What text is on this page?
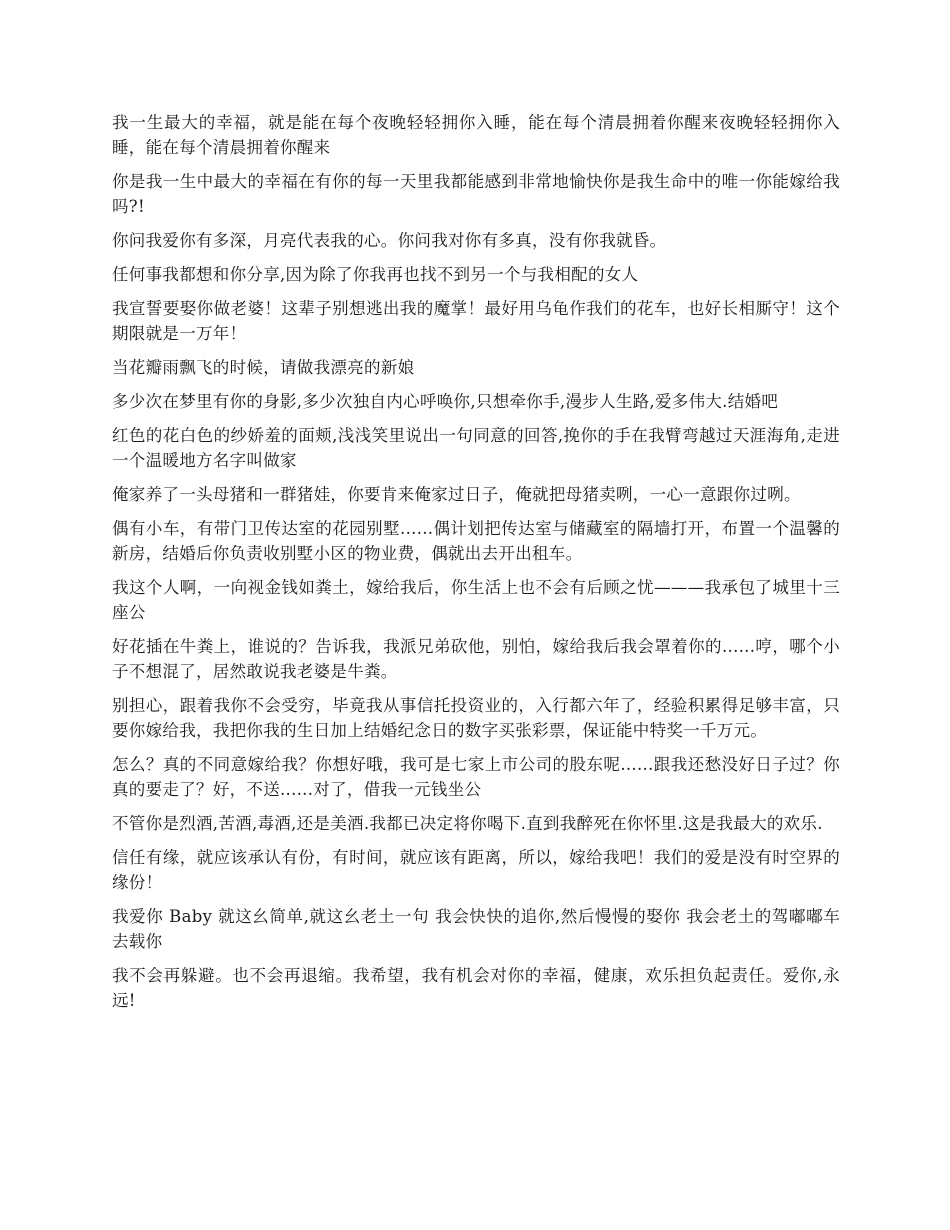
我一生最大的幸福，就是能在每个夜晚轻轻拥你入睡，能在每个清晨拥着你醒来夜晚轻轻拥你入睡，能在每个清晨拥着你醒来

你是我一生中最大的幸福在有你的每一天里我都能感到非常地愉快你是我生命中的唯一你能嫁给我吗?!

你问我爱你有多深，月亮代表我的心。你问我对你有多真，没有你我就昏。

任何事我都想和你分享,因为除了你我再也找不到另一个与我相配的女人

我宣誓要娶你做老婆！这辈子别想逃出我的魔掌！最好用乌龟作我们的花车，也好长相厮守！这个期限就是一万年！

当花瓣雨飘飞的时候，请做我漂亮的新娘

多少次在梦里有你的身影,多少次独自内心呼唤你,只想牵你手,漫步人生路,爱多伟大.结婚吧

红色的花白色的纱娇羞的面颊,浅浅笑里说出一句同意的回答,挽你的手在我臂弯越过天涯海角,走进一个温暖地方名字叫做家

俺家养了一头母猪和一群猪娃，你要肯来俺家过日子，俺就把母猪卖咧，一心一意跟你过咧。

偶有小车，有带门卫传达室的花园别墅......偶计划把传达室与储藏室的隔墙打开，布置一个温馨的新房，结婚后你负责收别墅小区的物业费，偶就出去开出租车。

我这个人啊，一向视金钱如粪土，嫁给我后，你生活上也不会有后顾之忧———我承包了城里十三座公

好花插在牛粪上，谁说的？告诉我，我派兄弟砍他，别怕，嫁给我后我会罩着你的......哼，哪个小子不想混了，居然敢说我老婆是牛粪。

别担心，跟着我你不会受穷，毕竟我从事信托投资业的，入行都六年了，经验积累得足够丰富，只要你嫁给我，我把你我的生日加上结婚纪念日的数字买张彩票，保证能中特奖一千万元。

怎么？真的不同意嫁给我？你想好哦，我可是七家上市公司的股东呢......跟我还愁没好日子过？你真的要走了？好，不送......对了，借我一元钱坐公

不管你是烈酒,苦酒,毒酒,还是美酒.我都已决定将你喝下.直到我醉死在你怀里.这是我最大的欢乐.

信任有缘，就应该承认有份，有时间，就应该有距离，所以，嫁给我吧！我们的爱是没有时空界的缘份！

我爱你 Baby 就这幺简单,就这幺老土一句 我会快快的追你,然后慢慢的娶你 我会老土的驾嘟嘟车去载你

我不会再躲避。也不会再退缩。我希望，我有机会对你的幸福，健康，欢乐担负起责任。爱你,永远!
